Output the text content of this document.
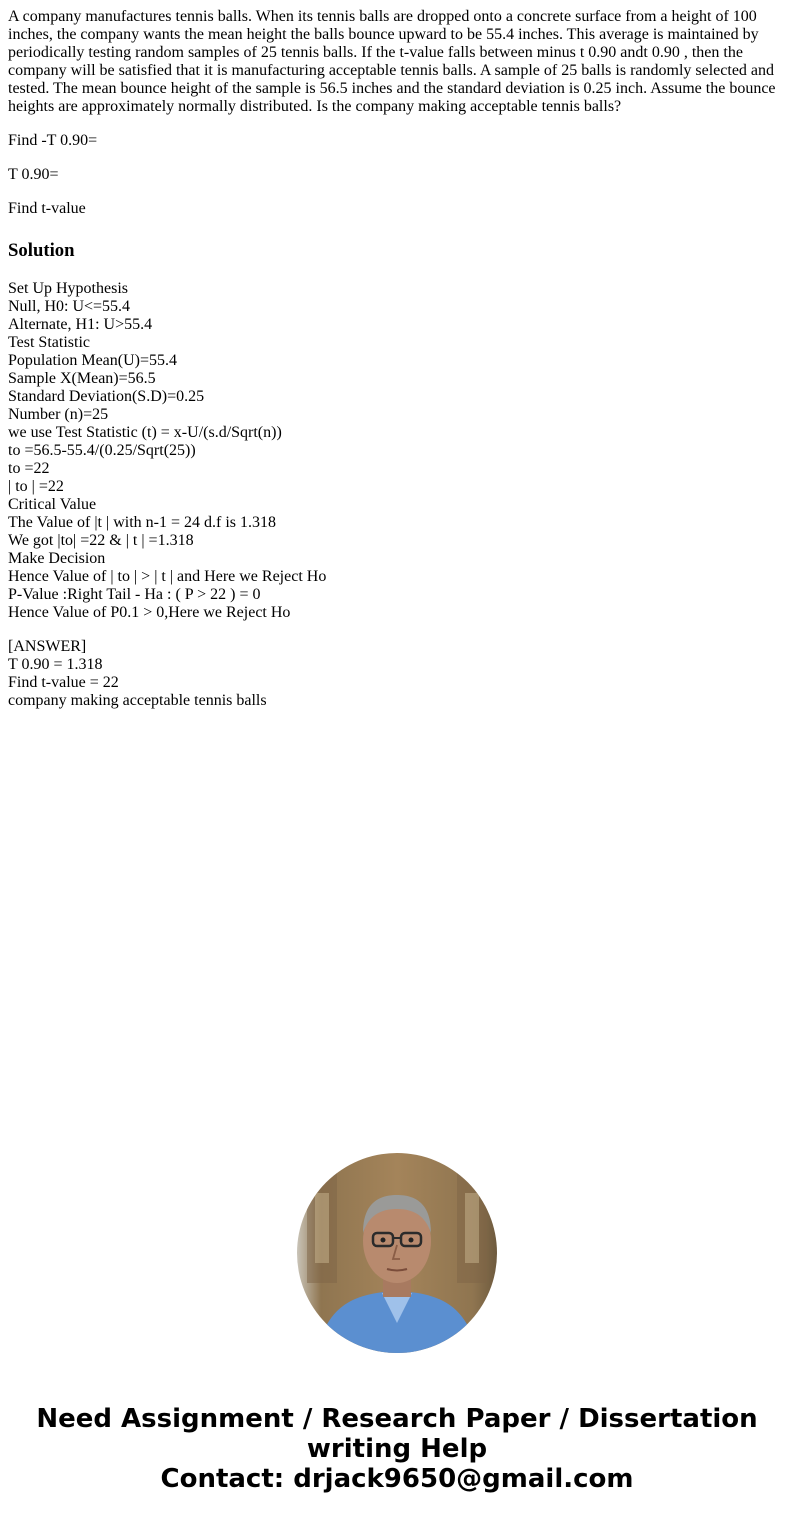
A company manufactures tennis balls. When its tennis balls are dropped onto a concrete surface from a height of 100 inches, the company wants the mean height the balls bounce upward to be 55.4 inches. This average is maintained by periodically testing random samples of 25 tennis balls. If the t-value falls between minus t 0.90 andt 0.90 , then the company will be satisfied that it is manufacturing acceptable tennis balls. A sample of 25 balls is randomly selected and tested. The mean bounce height of the sample is 56.5 inches and the standard deviation is 0.25 inch. Assume the bounce heights are approximately normally distributed. Is the company making acceptable tennis balls?

Find -T 0.90=

T 0.90=

Find t-value

Solution
Set Up Hypothesis
Null, H0: U<=55.4
Alternate, H1: U>55.4
Test Statistic
Population Mean(U)=55.4
Sample X(Mean)=56.5
Standard Deviation(S.D)=0.25
Number (n)=25
we use Test Statistic (t) = x-U/(s.d/Sqrt(n))
to =56.5-55.4/(0.25/Sqrt(25))
to =22
| to | =22
Critical Value
The Value of |t | with n-1 = 24 d.f is 1.318
We got |to| =22 & | t | =1.318
Make Decision
Hence Value of | to | > | t | and Here we Reject Ho
P-Value :Right Tail - Ha : ( P > 22 ) = 0
Hence Value of P0.1 > 0,Here we Reject Ho
[ANSWER]
T 0.90 = 1.318
Find t-value = 22
company making acceptable tennis balls
Need Assignment / Research Paper / Dissertation
writing Help
Contact: drjack9650@gmail.com
